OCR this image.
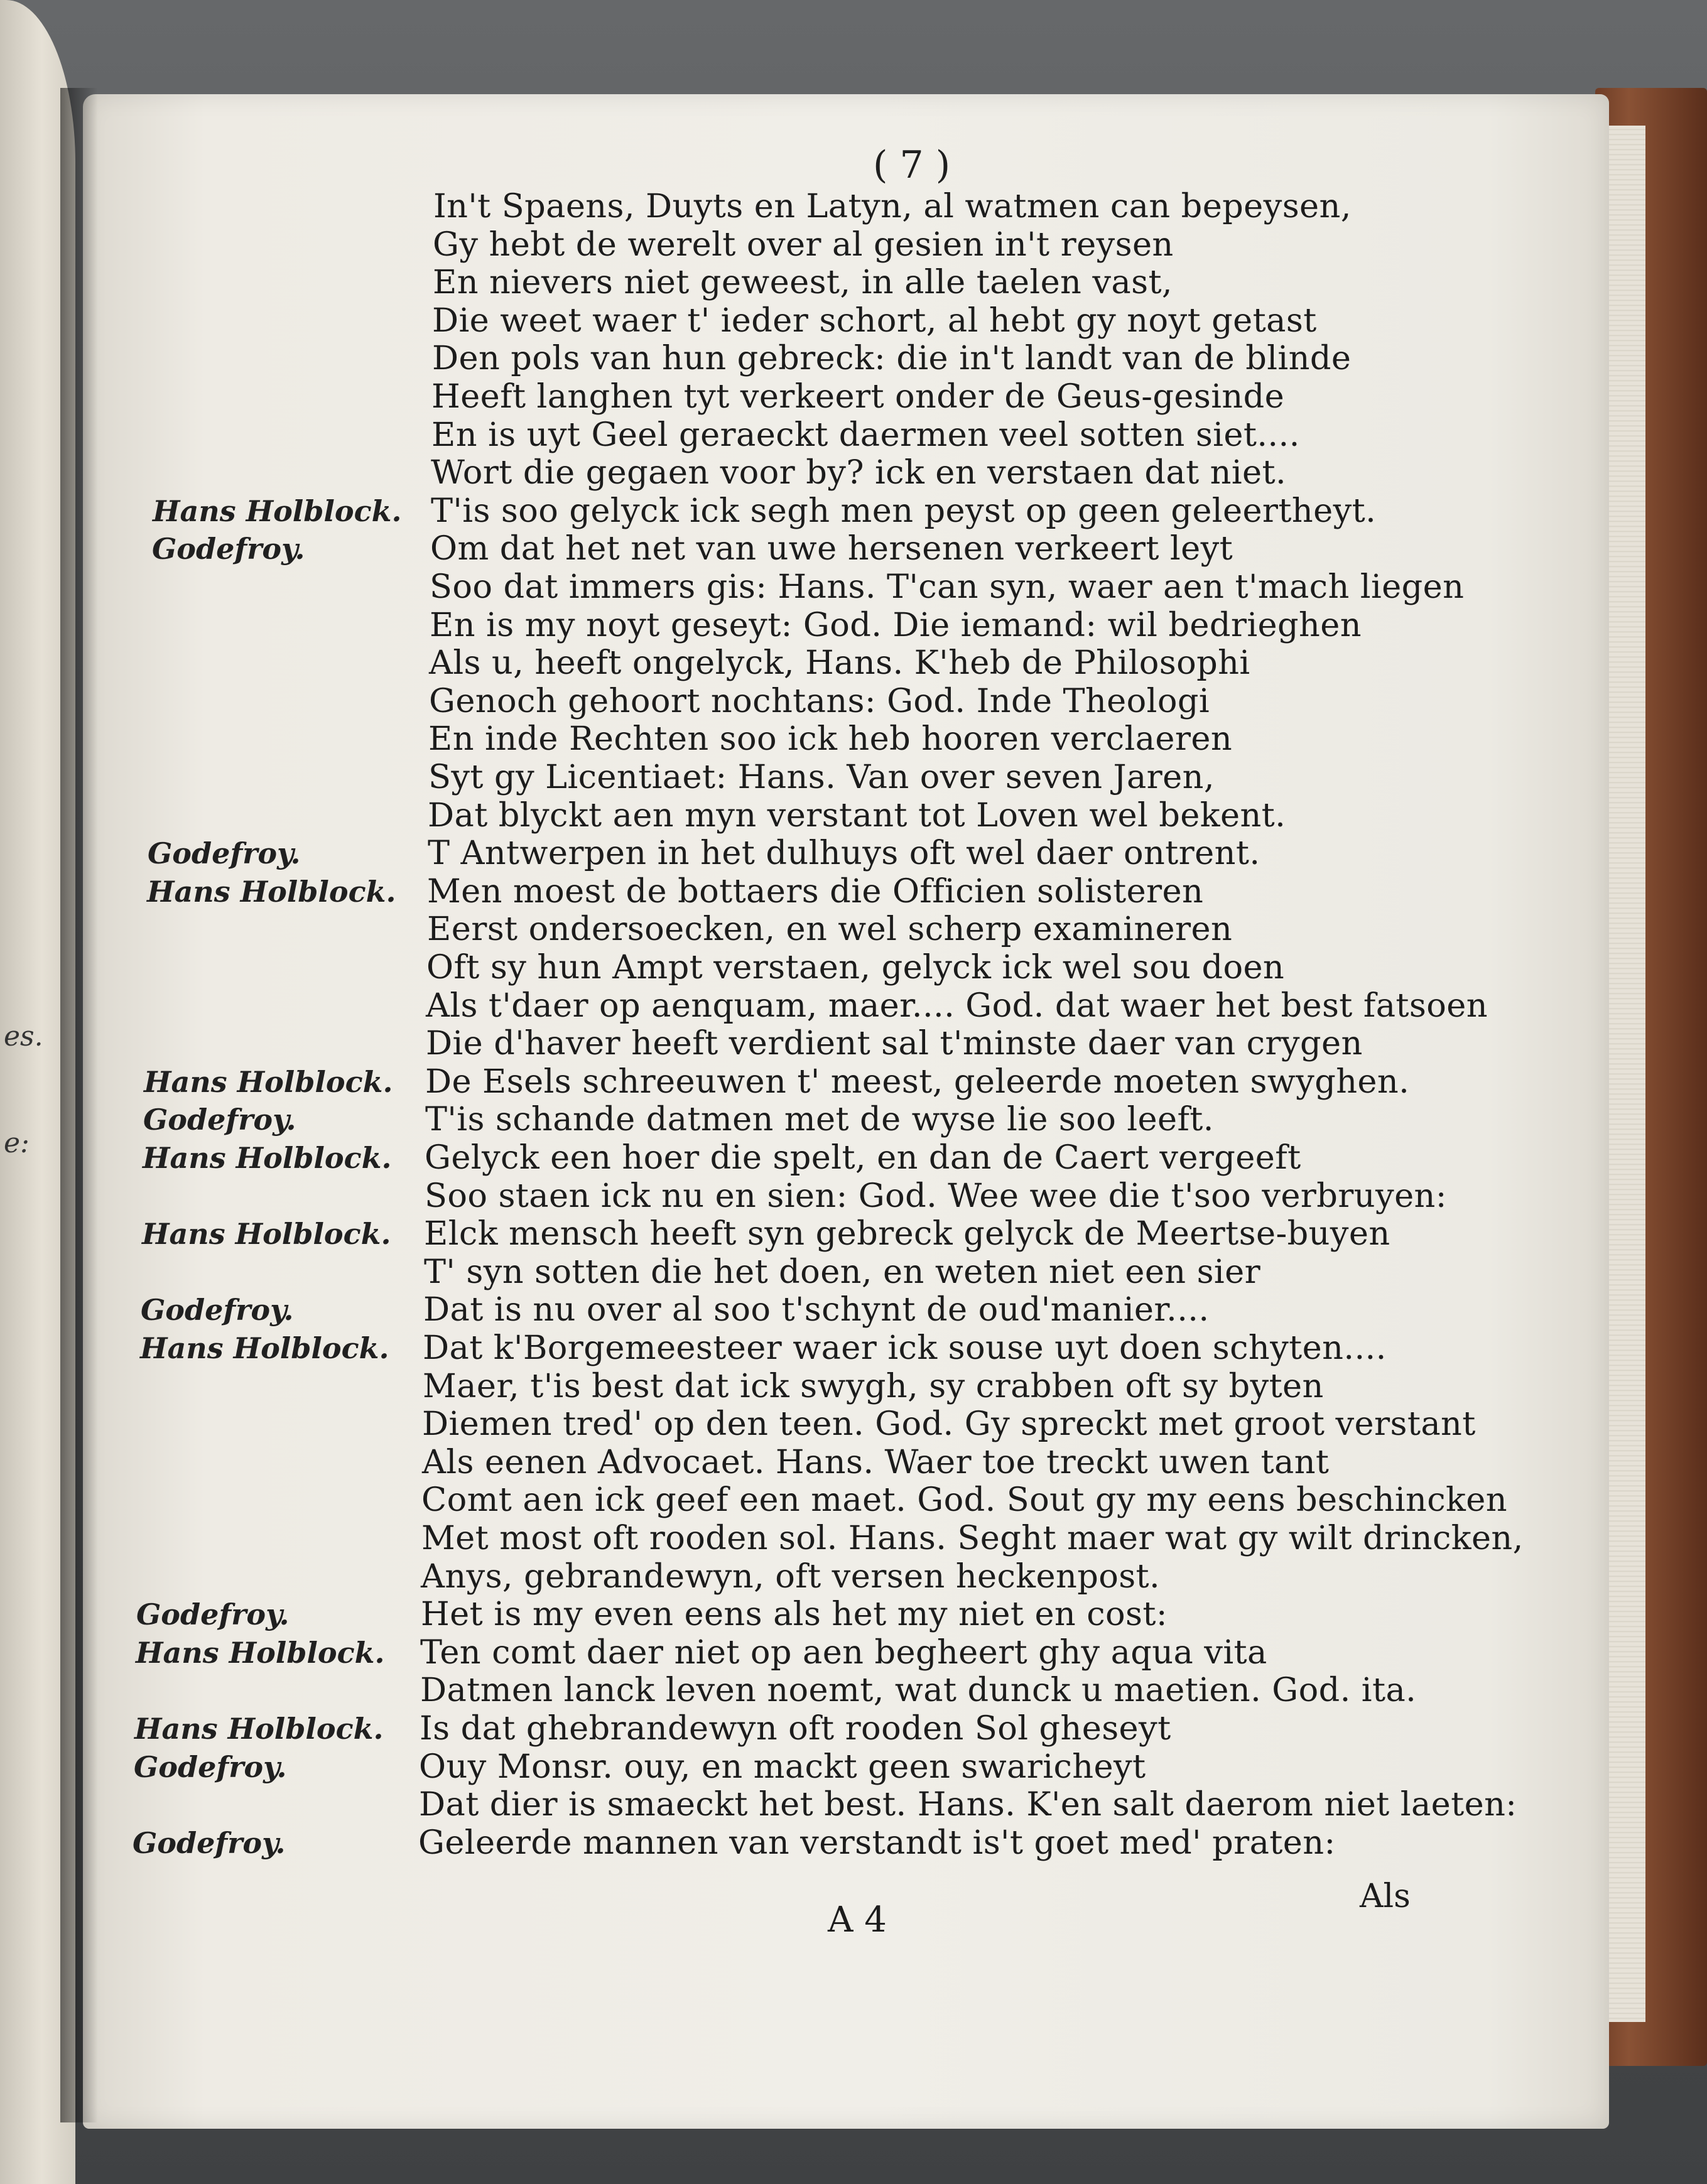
es.
e:
( 7 )
In't Spaens, Duyts en Latyn, al watmen can bepeysen,
Gy hebt de werelt over al gesien in't reysen
En nievers niet geweest, in alle taelen vast,
Die weet waer t' ieder schort, al hebt gy noyt getast
Den pols van hun gebreck: die in't landt van de blinde
Heeft langhen tyt verkeert onder de Geus-gesinde
En is uyt Geel geraeckt daermen veel sotten siet....
Wort die gegaen voor by? ick en verstaen dat niet.
T'is soo gelyck ick segh men peyst op geen geleertheyt.
Om dat het net van uwe hersenen verkeert leyt
Soo dat immers gis: Hans. T'can syn, waer aen t'mach liegen
En is my noyt geseyt: God. Die iemand: wil bedrieghen
Als u, heeft ongelyck, Hans. K'heb de Philosophi
Genoch gehoort nochtans: God. Inde Theologi
En inde Rechten soo ick heb hooren verclaeren
Syt gy Licentiaet: Hans. Van over seven Jaren,
Dat blyckt aen myn verstant tot Loven wel bekent.
T Antwerpen in het dulhuys oft wel daer ontrent.
Men moest de bottaers die Officien solisteren
Eerst ondersoecken, en wel scherp examineren
Oft sy hun Ampt verstaen, gelyck ick wel sou doen
Als t'daer op aenquam, maer.... God. dat waer het best fatsoen
Die d'haver heeft verdient sal t'minste daer van crygen
De Esels schreeuwen t' meest, geleerde moeten swyghen.
T'is schande datmen met de wyse lie soo leeft.
Gelyck een hoer die spelt, en dan de Caert vergeeft
Soo staen ick nu en sien: God. Wee wee die t'soo verbruyen:
Elck mensch heeft syn gebreck gelyck de Meertse-buyen
T' syn sotten die het doen, en weten niet een sier
Dat is nu over al soo t'schynt de oud'manier....
Dat k'Borgemeesteer waer ick souse uyt doen schyten....
Maer, t'is best dat ick swygh, sy crabben oft sy byten
Diemen tred' op den teen. God. Gy spreckt met groot verstant
Als eenen Advocaet. Hans. Waer toe treckt uwen tant
Comt aen ick geef een maet. God. Sout gy my eens beschincken
Met most oft rooden sol. Hans. Seght maer wat gy wilt drincken,
Anys, gebrandewyn, oft versen heckenpost.
Het is my even eens als het my niet en cost:
Ten comt daer niet op aen begheert ghy aqua vita
Datmen lanck leven noemt, wat dunck u maetien. God. ita.
Is dat ghebrandewyn oft rooden Sol gheseyt
Ouy Monsr. ouy, en mackt geen swaricheyt
Dat dier is smaeckt het best. Hans. K'en salt daerom niet laeten:
Geleerde mannen van verstandt is't goet med' praten:
Hans Holblock.
Godefroy.
Godefroy.
Hans Holblock.
Hans Holblock.
Godefroy.
Hans Holblock.
Hans Holblock.
Godefroy.
Hans Holblock.
Godefroy.
Hans Holblock.
Hans Holblock.
Godefroy.
Godefroy.
A 4
Als
